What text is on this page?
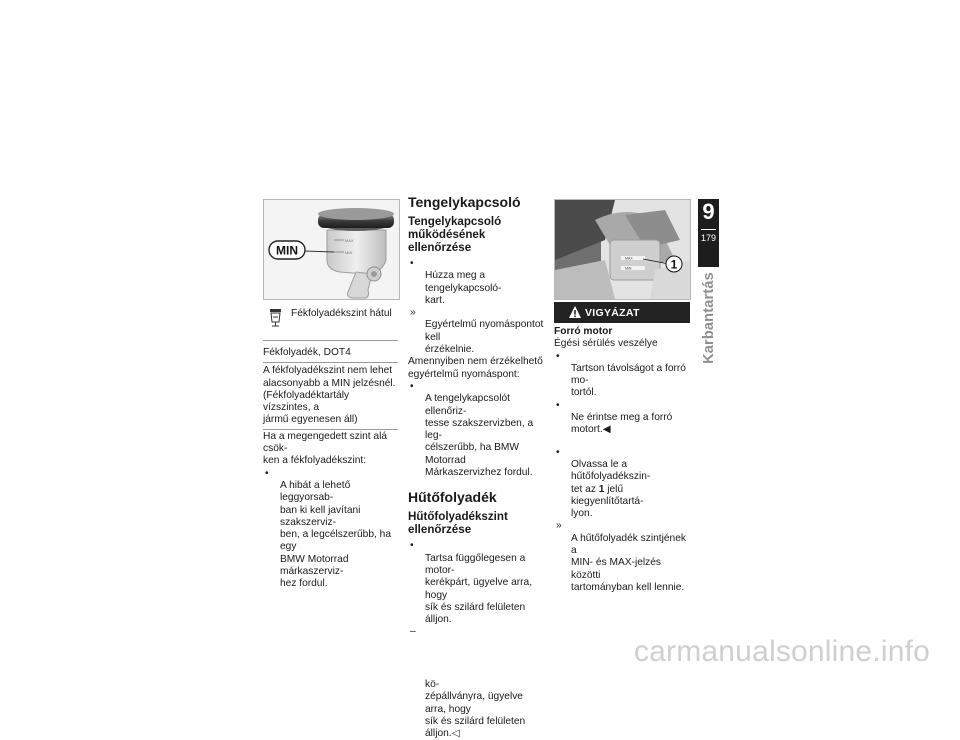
MAX
MIN
MIN
Fékfolyadékszint hátul
Fékfolyadék, DOT4
A fékfolyadékszint nem lehet
alacsonyabb a MIN jelzésnél.
(Fékfolyadéktartály vízszintes, a
jármű egyenesen áll)
Ha a megengedett szint alá csök-
ken a fékfolyadékszint:

•
A hibát a lehető leggyorsab-
ban ki kell javítani szakszerviz-
ben, a legcélszerűbb, ha egy
BMW Motorrad márkaszerviz-
hez fordul.

Tengelykapcsoló
Tengelykapcsoló
működésének ellenőrzése

•
Húzza meg a tengelykapcsoló-
kart.

»
Egyértelmű nyomáspontot kell
érzékelnie.

Amennyiben nem érzékelhető
egyértelmű nyomáspont:

•
A tengelykapcsolót ellenőriz-
tesse szakszervizben, a leg-
célszerűbb, ha BMW Motorrad
Márkaszervizhez fordul.

Hűtőfolyadék
Hűtőfolyadékszint
ellenőrzése

•
Tartsa függőlegesen a motor-
kerékpárt, ügyelve arra, hogy
sík és szilárd felületen álljon.

kö-
zépállványra, ügyelve arra, hogy
sík és szilárd felületen álljon.◁

MAX
MIN	1
VIGYÁZAT
Forró motor
Égési sérülés veszélye

•
Tartson távolságot a forró mo-
tortól.

•
Ne érintse meg a forró
motort.◀

•
Olvassa le a hűtőfolyadékszin-
tet az 1 jelű kiegyenlítőtartá-
lyon.

»
A hűtőfolyadék szintjének a
MIN- és MAX-jelzés közötti
tartományban kell lennie.

9
179
Karbantartás
carmanualsonline.info
